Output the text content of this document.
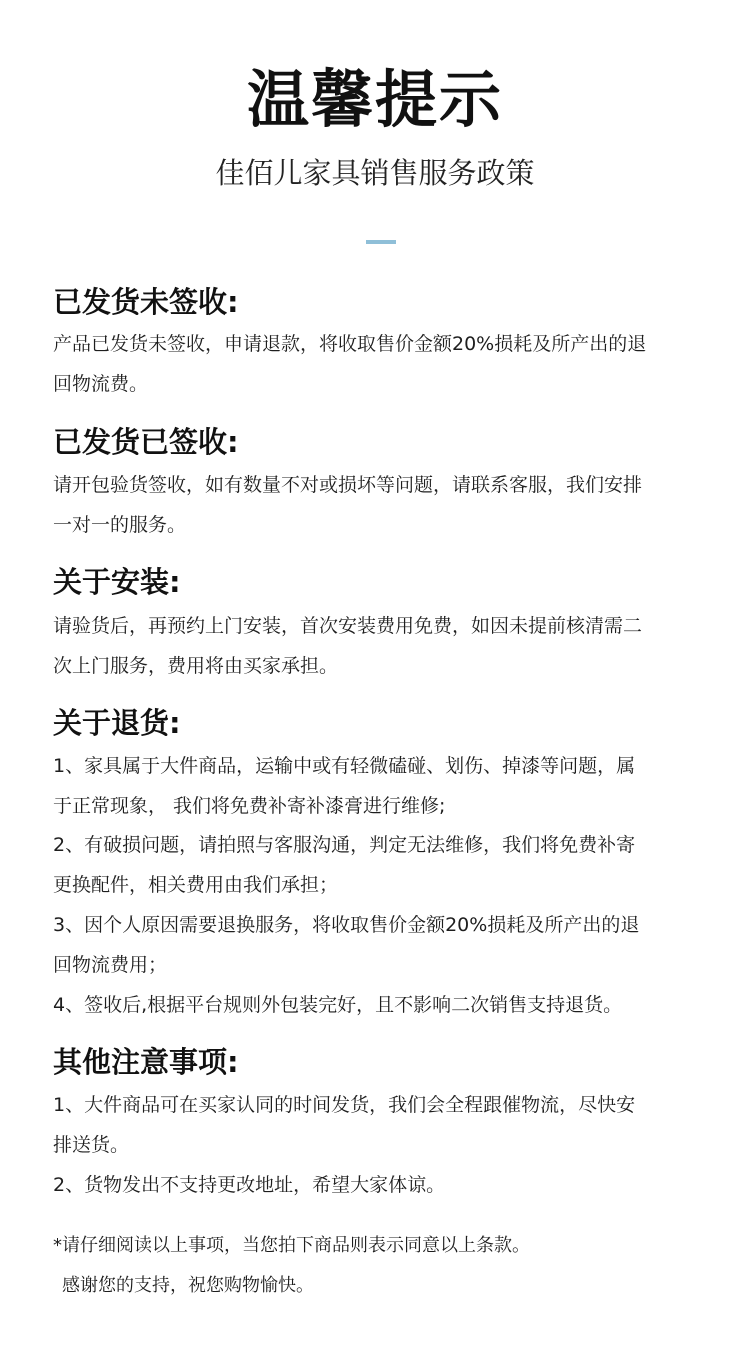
温馨提示
佳佰儿家具销售服务政策
已发货未签收:
产品已发货未签收，申请退款，将收取售价金额20%损耗及所产出的退
回物流费。
已发货已签收:
请开包验货签收，如有数量不对或损坏等问题，请联系客服，我们安排
一对一的服务。
关于安装:
请验货后，再预约上门安装，首次安装费用免费，如因未提前核清需二
次上门服务，费用将由买家承担。
关于退货:
1、家具属于大件商品，运输中或有轻微磕碰、划伤、掉漆等问题，属
于正常现象， 我们将免费补寄补漆膏进行维修;
2、有破损问题，请拍照与客服沟通，判定无法维修，我们将免费补寄
更换配件，相关费用由我们承担；
3、因个人原因需要退换服务，将收取售价金额20%损耗及所产出的退
回物流费用；
4、签收后,根据平台规则外包装完好，且不影响二次销售支持退货。
其他注意事项:
1、大件商品可在买家认同的时间发货，我们会全程跟催物流，尽快安
排送货。
2、货物发出不支持更改地址，希望大家体谅。
*请仔细阅读以上事项，当您拍下商品则表示同意以上条款。
感谢您的支持，祝您购物愉快。
